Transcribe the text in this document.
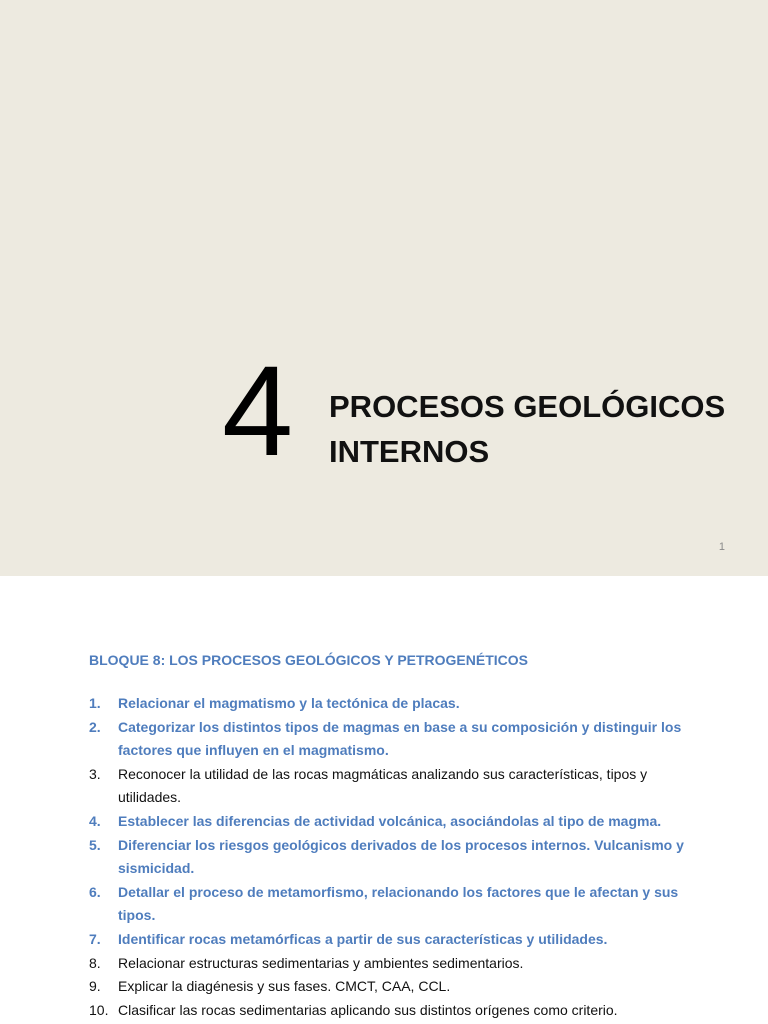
4 PROCESOS GEOLÓGICOS
INTERNOS
1
BLOQUE 8: LOS PROCESOS GEOLÓGICOS Y PETROGENÉTICOS
1.	Relacionar el magmatismo y la tectónica de placas.
2.	Categorizar los distintos tipos de magmas en base a su composición y distinguir los factores que influyen en el magmatismo.
3.	Reconocer la utilidad de las rocas magmáticas analizando sus características, tipos y utilidades.
4.	Establecer las diferencias de actividad volcánica, asociándolas al tipo de magma.
5.	Diferenciar los riesgos geológicos derivados de los procesos internos. Vulcanismo y sismicidad.
6.	Detallar el proceso de metamorfismo, relacionando los factores que le afectan y sus tipos.
7.	Identificar rocas metamórficas a partir de sus características y utilidades.
8.	Relacionar estructuras sedimentarias y ambientes sedimentarios.
9.	Explicar la diagénesis y sus fases. CMCT, CAA, CCL.
10. Clasificar las rocas sedimentarias aplicando sus distintos orígenes como criterio.
